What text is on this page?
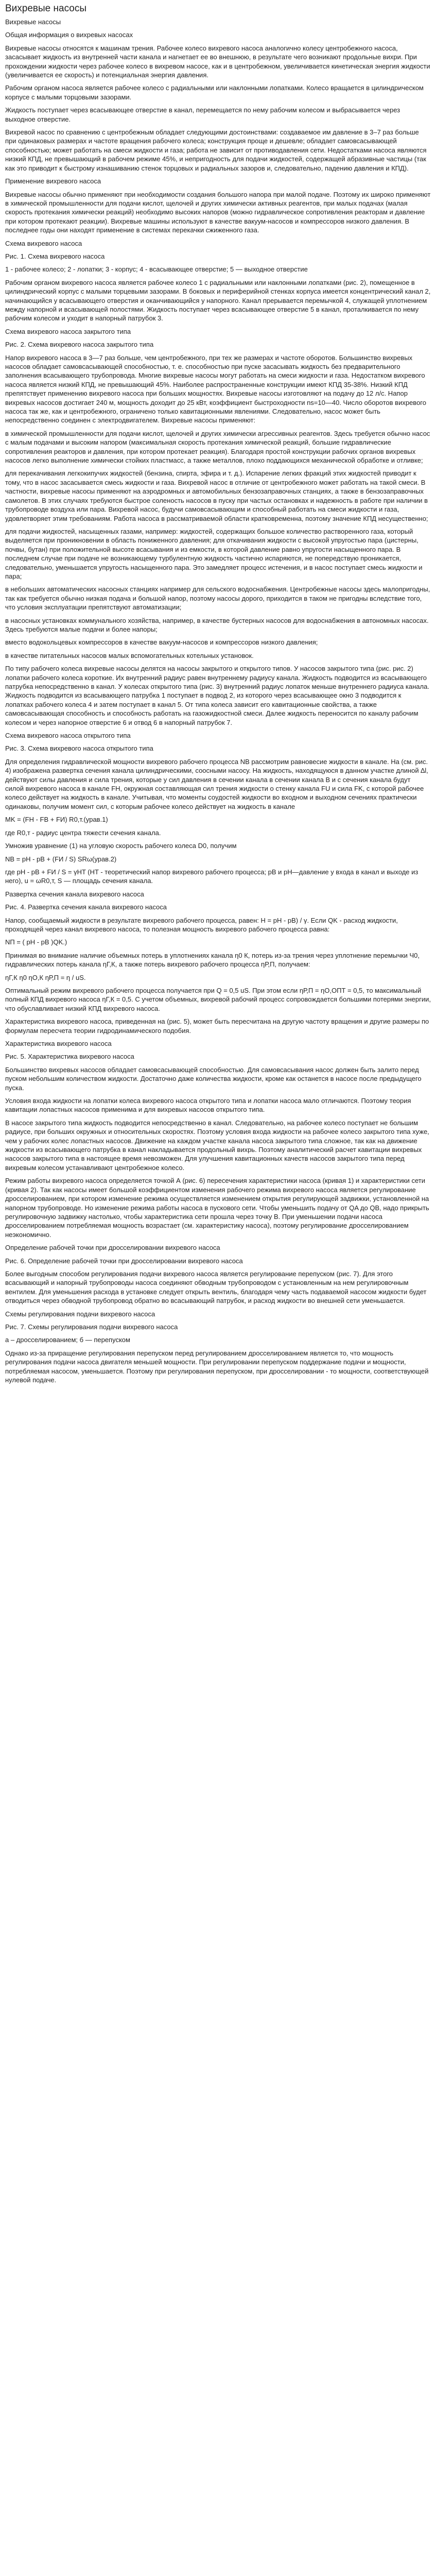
Вихревые насосы

Вихревые насосы

Общая информация о вихревых насосах

Вихревые насосы относятся к машинам трения. Рабочее колесо вихревого насоса аналогично колесу центробежного насоса, засасывает жидкость из внутренней части канала и нагнетает ее во внешнюю, в результате чего возникают продольные вихри. При прохождении жидкости через рабочее колесо в вихревом насосе, как и в центробежном, увеличивается кинетическая энергия жидкости (увеличивается ее скорость) и потенциальная энергия давления.

Рабочим органом насоса является рабочее колесо с радиальными или наклонными лопатками. Колесо вращается в цилиндрическом корпусе с малыми торцовыми зазорами.

Жидкость поступает через всасывающее отверстие в канал, перемещается по нему рабочим колесом и выбрасывается через выходное отверстие.

Вихревой насос по сравнению с центробежным обладает следующими достоинствами: создаваемое им давление в 3–7 раз больше при одинаковых размерах и частоте вращения рабочего колеса; конструкция проще и дешевле; обладает самовсасывающей способностью; может работать на смеси жидкости и газа; работа не зависит от противодавления сети. Недостатками насоса являются низкий КПД, не превышающий в рабочем режиме 45%, и непригодность для подачи жидкостей, содержащей абразивные частицы (так как это приводит к быстрому изнашиванию стенок торцовых и радиальных зазоров и, следовательно, падению давления и КПД).

Применение вихревого насоса

Вихревые насосы обычно применяют при необходимости создания большого напора при малой подаче. Поэтому их широко применяют в химической промышленности для подачи кислот, щелочей и других химически активных реагентов, при малых подачах (малая скорость протекания химически реакций) необходимо высоких напоров (можно гидравлическое сопротивления реакторам и давление при котором протекают реакции). Вихревые машины используют в качестве вакуум-насосов и компрессоров низкого давления. В последнее годы они находят применение в системах перекачки сжиженного газа.

Схема вихревого насоса

Рис. 1. Схема вихревого насоса

1 - рабочее колесо; 2 - лопатки; 3 - корпус; 4 - всасывающее отверстие; 5 — выходное отверстие

Рабочим органом вихревого насоса является рабочее колесо 1 с радиальными или наклонными лопатками (рис. 2), помещенное в цилиндрический корпус с малыми торцевыми зазорами. В боковых и периферийной стенках корпуса имеется концентрический канал 2, начинающийся у всасывающего отверстия и оканчивающийся у напорного. Канал прерывается перемычкой 4, служащей уплотнением между напорной и всасывающей полостями. Жидкость поступает через всасывающее отверстие 5 в канал, проталкивается по нему рабочим колесом и уходит в напорный патрубок 3.

Схема вихревого насоса закрытого типа

Рис. 2. Схема вихревого насоса закрытого типа

Напор вихревого насоса в 3—7 раз больше, чем центробежного, при тех же размерах и частоте оборотов. Большинство вихревых насосов обладает самовсасывающей способностью, т. е. способностью при пуске засасывать жидкость без предварительного заполнения всасывающего трубопровода. Многие вихревые насосы могут работать на смеси жидкости и газа. Недостатком вихревого насоса является низкий КПД, не превышающий 45%. Наиболее распространенные конструкции имеют КПД 35-38%. Низкий КПД препятствует применению вихревого насоса при больших мощностях. Вихревые насосы изготовляют на подачу до 12 л/с. Напор вихревых насосов достигает 240 м, мощность доходит до 25 кВт, коэффициент быстроходности ns=10—40. Число оборотов вихревого насоса так же, как и центробежного, ограничено только кавитационными явлениями. Следовательно, насос может быть непосредственно соединен с электродвигателем. Вихревые насосы применяют:

в химической промышленности для подачи кислот, щелочей и других химически агрессивных реагентов. Здесь требуется обычно насос с малым подачами и высоким напором (максимальная скорость протекания химической реакций, большие гидравлические сопротивления реакторов и давления, при котором протекает реакция). Благодаря простой конструкции рабочих органов вихревых насосов легко выполнение химически стойких пластмасс, а также металлов, плохо поддающихся механической обработке и отливке;

для перекачивания легкокипучих жидкостей (бензина, спирта, эфира и т. д.). Испарение легких фракций этих жидкостей приводит к тому, что в насос засасывается смесь жидкости и газа. Вихревой насос в отличие от центробежного может работать на такой смеси. В частности, вихревые насосы применяют на аэродромных и автомобильных бензозаправочных станциях, а также в бензозаправочных самолетов. В этих случаях требуются быстрое соленость насосов в пуску при частых остановках и надежность в работе при наличии в трубопроводе воздуха или пара. Вихревой насос, будучи самовсасывающим и способный работать на смеси жидкости и газа, удовлетворяет этим требованиям. Работа насоса в рассматриваемой области кратковременна, поэтому значение КПД несущественно;

для подачи жидкостей, насыщенных газами, например: жидкостей, содержащих большое количество растворенного газа, который выделяется при проникновении в область пониженного давления; для откачивания жидкости с высокой упругостью пара (цистерны, почвы, бутан) при положительной высоте всасывания и из емкости, в которой давление равно упругости насыщенного пара. В последнем случае при подаче не возникающему турбулентную жидкость частично испаряются, не попередствую проникается, следовательно, уменьшается упругость насыщенного пара. Это замедляет процесс истечения, и в насос поступает смесь жидкости и пара;

в небольших автоматических насосных станциях например для сельского водоснабжения. Центробежные насосы здесь малопригодны, так как требуется обычно низкая подача и большой напор, поэтому насосы дорого, приходится в таком не пригодны вследствие того, что условия эксплуатации препятствуют автоматизации;

в насосных установках коммунального хозяйства, например, в качестве бустерных насосов для водоснабжения в автономных насосах. Здесь требуются малые подачи и более напоры;

вместо водокольцевых компрессоров в качестве вакуум-насосов и компрессоров низкого давления;

в качестве питательных насосов малых вспомогательных котельных установок.

По типу рабочего колеса вихревые насосы делятся на насосы закрытого и открытого типов. У насосов закрытого типа (рис. рис. 2) лопатки рабочего колеса короткие. Их внутренний радиус равен внутреннему радиусу канала. Жидкость подводится из всасывающего патрубка непосредственно в канал. У колесах открытого типа (рис. 3) внутренний радиус лопаток меньше внутреннего радиуса канала. Жидкость подводится из всасывающего патрубка 1 поступает в подвод 2, из которого через всасывающее окно 3 подводится к лопатках рабочего колеса 4 и затем поступает в канал 5. От типа колеса зависит его кавитационные свойства, а также самовсасывающая способность и способность работать на газожидкостной смеси. Далее жидкость переносится по каналу рабочим колесом и через напорное отверстие 6 и отвод 6 в напорный патрубок 7.

Схема вихревого насоса открытого типа

Рис. 3. Схема вихревого насоса открытого типа

Для определения гидравлической мощности вихревого рабочего процесса NВ рассмотрим равновесие жидкости в канале. На (см. рис. 4) изображена развертка сечения канала цилиндрическими, соосными насосу. На жидкость, находящуюся в данном участке длиной ∆l, действуют силы давления и сила трения, которые у сил давления в сечении канала в сечении канала В и с сечения канала будут силой вихревого насоса в канале FH, окружная составляющая сил трения жидкости о стенку канала FU и сила FK, с которой рабочее колесо действует на жидкость в канале. Учитывая, что моменты соудостей жидкости во входном и выходном сечениях практически одинаковы, получим момент сил, с которым рабочее колесо действует на жидкость в канале

MK = (FH - FB + FИ) R0,т.(урав.1)

где R0,т - радиус центра тяжести сечения канала.

Умножив уравнение (1) на угловую скорость рабочего колеса D0, получим

NB = pH - pB + (FИ / S) SRω(урав.2)

где pH - pB + FИ / S = γHT (HT - теоретический напор вихревого рабочего процесса; pB и pH—давление у входа в канал и выходе из него), u = ωR0,т, S — площадь сечения канала.

Развертка сечения канала вихревого насоса

Рис. 4. Развертка сечения канала вихревого насоса

Напор, сообщаемый жидкости в результате вихревого рабочего процесса, равен: H = pH - pB) / γ. Если QK - расход жидкости, проходящей через канал вихревого насоса, то полезная мощность вихревого рабочего процесса равна:

NП = ( pH - pB )QK.)

Принимая во внимание наличие объемных потерь в уплотнениях канала η0 К, потерь из-за трения через уплотнение перемычки Ч0, гидравлических потерь канала ηГ,К, а также потерь вихревого рабочего процесса ηР,П, получаем:

ηГ,К η0 ηО,К ηР,П = η / uS.

Оптимальный режим вихревого рабочего процесса получается при Q = 0,5 uS. При этом если ηР,П = ηО,ОПТ = 0,5, то максимальный полный КПД вихревого насоса ηГ,К = 0,5. С учетом объемных, вихревой рабочий процесс сопровождается большими потерями энергии, что обуславливает низкий КПД вихревого насоса.

Характеристика вихревого насоса, приведенная на (рис. 5), может быть пересчитана на другую частоту вращения и другие размеры по формулам пересчета теории гидродинамического подобия.

Характеристика вихревого насоса

Рис. 5. Характеристика вихревого насоса

Большинство вихревых насосов обладает самовсасывающей способностью. Для самовсасывания насос должен быть залито перед пуском небольшим количеством жидкости. Достаточно даже количества жидкости, кроме как останется в насосе после предыдущего пуска.

Условия входа жидкости на лопатки колеса вихревого насоса открытого типа и лопатки насоса мало отличаются. Поэтому теория кавитации лопастных насосов применима и для вихревых насосов открытого типа.

В насосе закрытого типа жидкость подводится непосредственно в канал. Следовательно, на рабочее колесо поступает не большим радиусе, при больших окружных и относительных скоростях. Поэтому условия входа жидкости на рабочее колесо закрытого типа хуже, чем у рабочих колес лопастных насосов. Движение на каждом участке канала насоса закрытого типа сложное, так как на движение жидкости из всасывающего патрубка в канал накладывается продольный вихрь. Поэтому аналитический расчет кавитации вихревых насосов закрытого типа в настоящее время невозможен. Для улучшения кавитационных качеств насосов закрытого типа перед вихревым колесом устанавливают центробежное колесо.

Режим работы вихревого насоса определяется точкой А (рис. 6) пересечения характеристики насоса (кривая 1) и характеристики сети (кривая 2). Так как насосы имеет большой коэффициентом изменения рабочего режима вихревого насоса является регулирование дросселированием, при котором изменение режима осуществляется изменением открытия регулирующей задвижки, установленной на напорном трубопроводе. Но изменение режима работы насоса в пускового сети. Чтобы уменьшить подачу от QA до QB, надо прикрыть регулировочную задвижку настолько, чтобы характеристика сети прошла через точку В. При уменьшении подачи насоса дросселированием потребляемая мощность возрастает (см. характеристику насоса), поэтому регулирование дросселированием неэкономично.

Определение рабочей точки при дросселировании вихревого насоса

Рис. 6. Определение рабочей точки при дросселировании вихревого насоса

Более выгодным способом регулирования подачи вихревого насоса является регулирование перепуском (рис. 7). Для этого всасывающий и напорный трубопроводы насоса соединяют обводным трубопроводом с установленным на нем регулировочным вентилем. Для уменьшения расхода в установке следует открыть вентиль, благодаря чему часть подаваемой насосом жидкости будет отводиться через обводной трубопровод обратно во всасывающий патрубок, и расход жидкости во внешней сети уменьшается.

Схемы регулирования подачи вихревого насоса

Рис. 7. Схемы регулирования подачи вихревого насоса

а – дросселированием; б — перепуском

Однако из-за приращение регулирования перепуском перед регулированием дросселированием является то, что мощность регулирования подачи насоса двигателя меньшей мощности. При регулировании перепуском поддержание подачи и мощности, потребляемая насосом, уменьшается. Поэтому при регулирования перепуском, при дросселировании - то мощности, соответствующей нулевой подаче.
